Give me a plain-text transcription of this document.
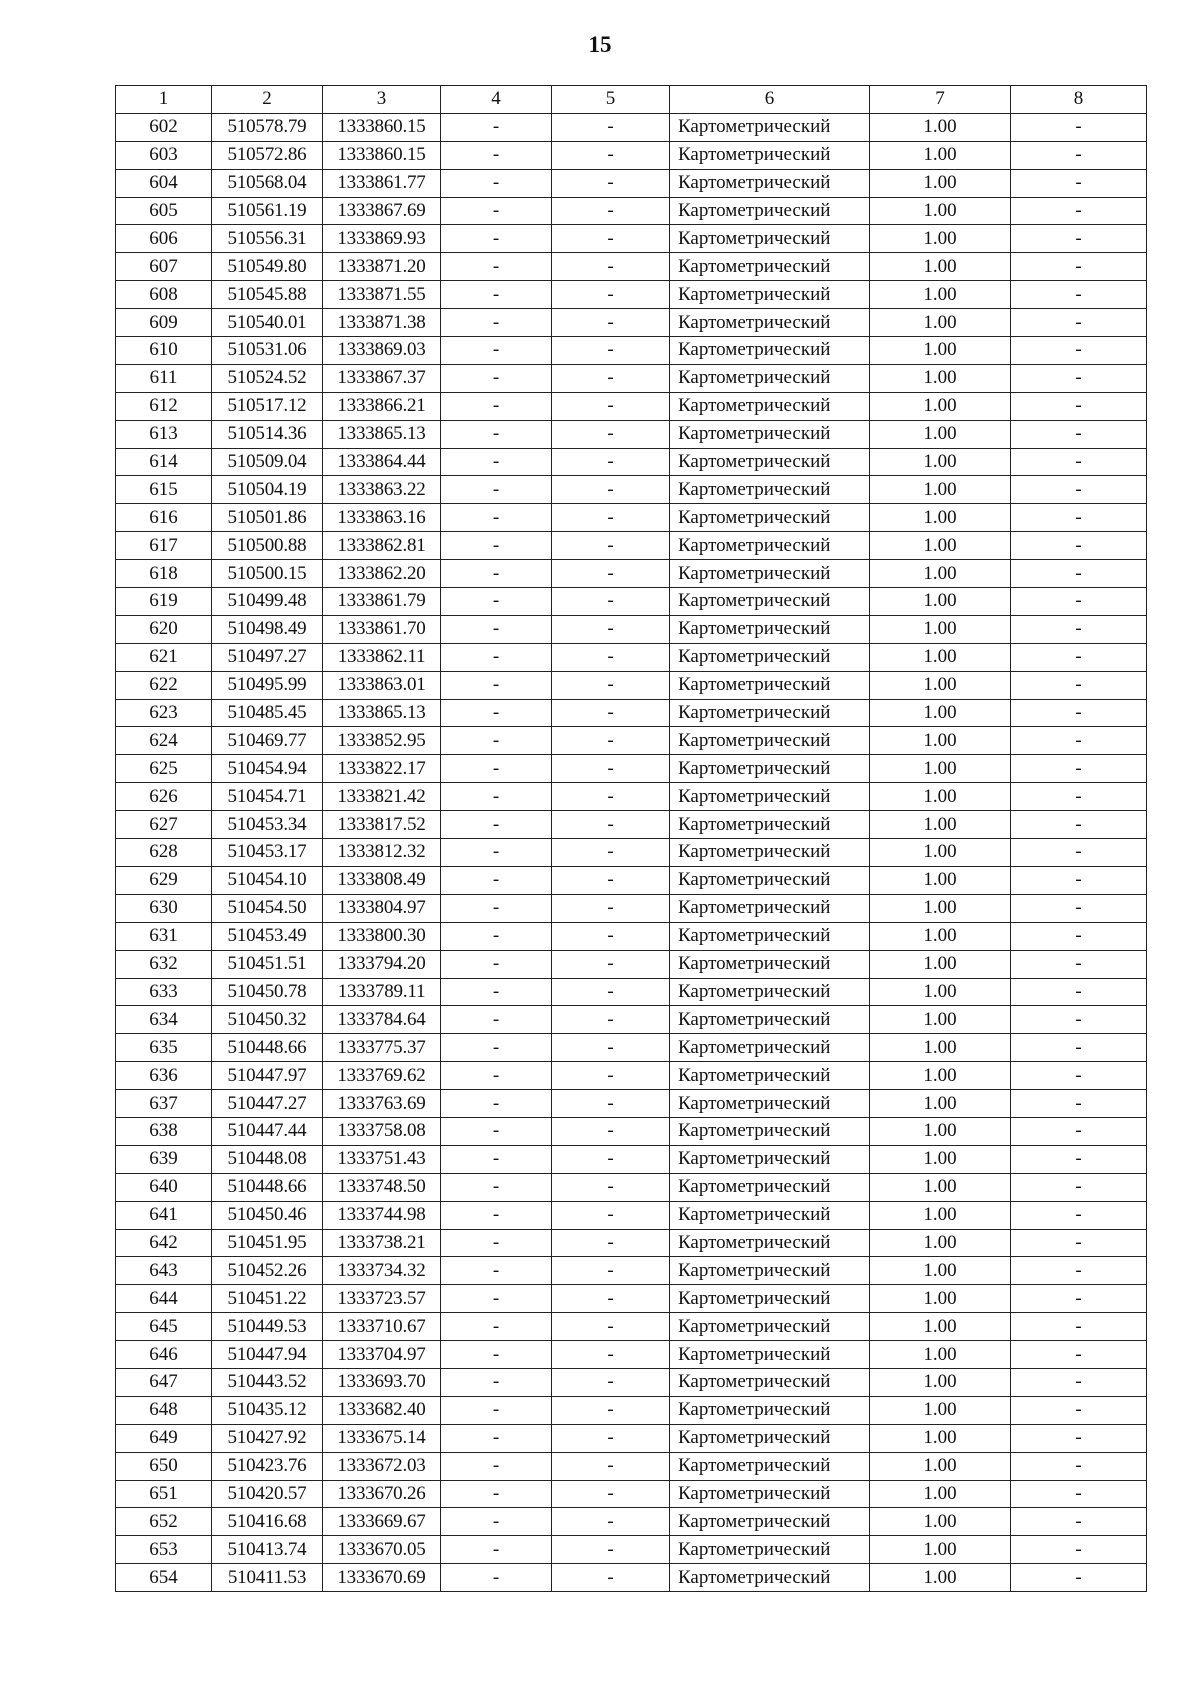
15
1	2	3	4	5	6	7	8
602	510578.79	1333860.15	-	-	Картометрический	1.00	-
603	510572.86	1333860.15	-	-	Картометрический	1.00	-
604	510568.04	1333861.77	-	-	Картометрический	1.00	-
605	510561.19	1333867.69	-	-	Картометрический	1.00	-
606	510556.31	1333869.93	-	-	Картометрический	1.00	-
607	510549.80	1333871.20	-	-	Картометрический	1.00	-
608	510545.88	1333871.55	-	-	Картометрический	1.00	-
609	510540.01	1333871.38	-	-	Картометрический	1.00	-
610	510531.06	1333869.03	-	-	Картометрический	1.00	-
611	510524.52	1333867.37	-	-	Картометрический	1.00	-
612	510517.12	1333866.21	-	-	Картометрический	1.00	-
613	510514.36	1333865.13	-	-	Картометрический	1.00	-
614	510509.04	1333864.44	-	-	Картометрический	1.00	-
615	510504.19	1333863.22	-	-	Картометрический	1.00	-
616	510501.86	1333863.16	-	-	Картометрический	1.00	-
617	510500.88	1333862.81	-	-	Картометрический	1.00	-
618	510500.15	1333862.20	-	-	Картометрический	1.00	-
619	510499.48	1333861.79	-	-	Картометрический	1.00	-
620	510498.49	1333861.70	-	-	Картометрический	1.00	-
621	510497.27	1333862.11	-	-	Картометрический	1.00	-
622	510495.99	1333863.01	-	-	Картометрический	1.00	-
623	510485.45	1333865.13	-	-	Картометрический	1.00	-
624	510469.77	1333852.95	-	-	Картометрический	1.00	-
625	510454.94	1333822.17	-	-	Картометрический	1.00	-
626	510454.71	1333821.42	-	-	Картометрический	1.00	-
627	510453.34	1333817.52	-	-	Картометрический	1.00	-
628	510453.17	1333812.32	-	-	Картометрический	1.00	-
629	510454.10	1333808.49	-	-	Картометрический	1.00	-
630	510454.50	1333804.97	-	-	Картометрический	1.00	-
631	510453.49	1333800.30	-	-	Картометрический	1.00	-
632	510451.51	1333794.20	-	-	Картометрический	1.00	-
633	510450.78	1333789.11	-	-	Картометрический	1.00	-
634	510450.32	1333784.64	-	-	Картометрический	1.00	-
635	510448.66	1333775.37	-	-	Картометрический	1.00	-
636	510447.97	1333769.62	-	-	Картометрический	1.00	-
637	510447.27	1333763.69	-	-	Картометрический	1.00	-
638	510447.44	1333758.08	-	-	Картометрический	1.00	-
639	510448.08	1333751.43	-	-	Картометрический	1.00	-
640	510448.66	1333748.50	-	-	Картометрический	1.00	-
641	510450.46	1333744.98	-	-	Картометрический	1.00	-
642	510451.95	1333738.21	-	-	Картометрический	1.00	-
643	510452.26	1333734.32	-	-	Картометрический	1.00	-
644	510451.22	1333723.57	-	-	Картометрический	1.00	-
645	510449.53	1333710.67	-	-	Картометрический	1.00	-
646	510447.94	1333704.97	-	-	Картометрический	1.00	-
647	510443.52	1333693.70	-	-	Картометрический	1.00	-
648	510435.12	1333682.40	-	-	Картометрический	1.00	-
649	510427.92	1333675.14	-	-	Картометрический	1.00	-
650	510423.76	1333672.03	-	-	Картометрический	1.00	-
651	510420.57	1333670.26	-	-	Картометрический	1.00	-
652	510416.68	1333669.67	-	-	Картометрический	1.00	-
653	510413.74	1333670.05	-	-	Картометрический	1.00	-
654	510411.53	1333670.69	-	-	Картометрический	1.00	-
